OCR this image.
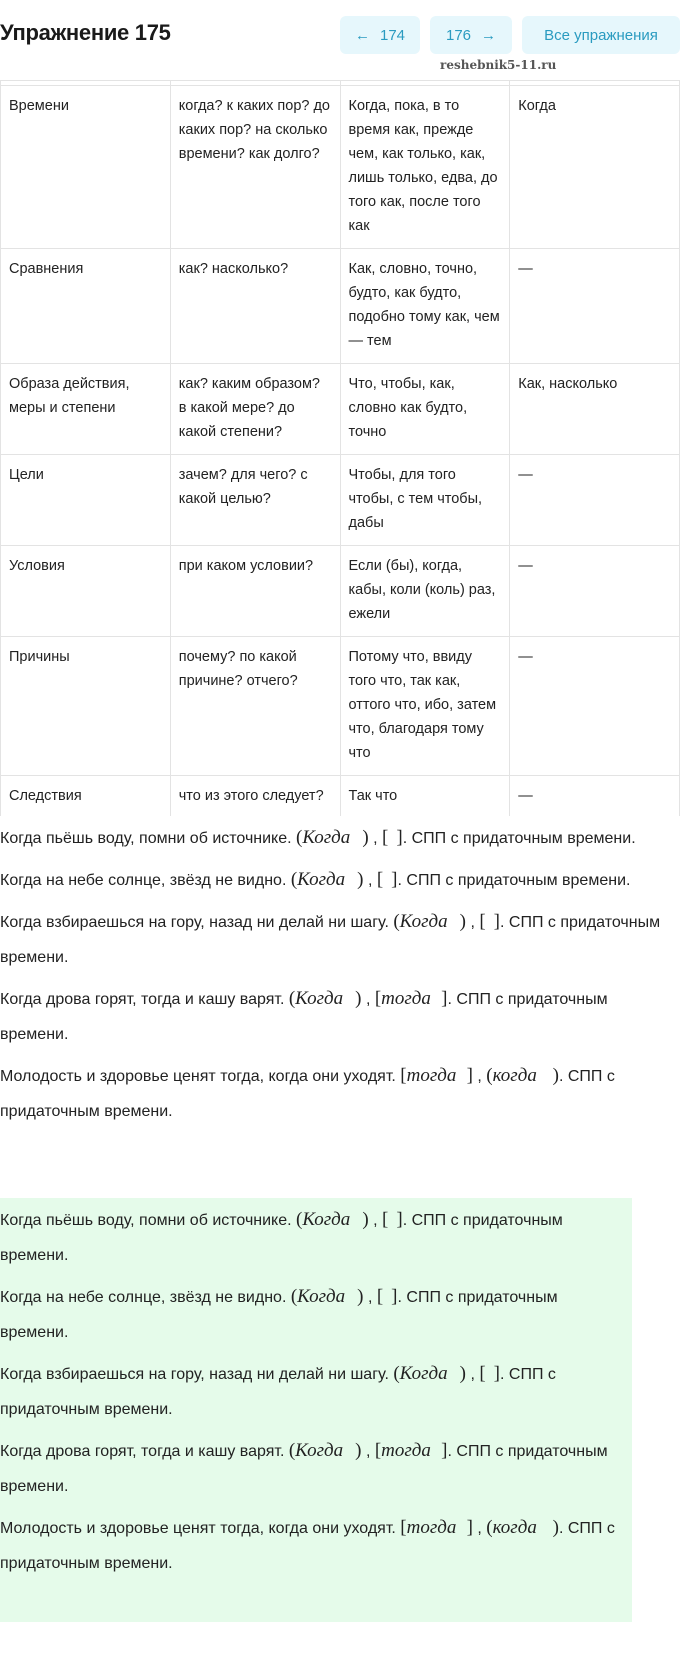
Упражнение 175	← 174	176 →	Все упражнения
reshebnik5-11.ru

Времени	когда? к каких пор? до каких пор? на сколько времени? как долго?	Когда, пока, в то время как, прежде чем, как только, как, лишь только, едва, до того как, после того как	Когда
Сравнения	как? насколько?	Как, словно, точно, будто, как будто, подобно тому как, чем — тем	—
Образа действия, меры и степени	как? каким образом? в какой мере? до какой степени?	Что, чтобы, как, словно как будто, точно	Как, насколько
Цели	зачем? для чего? с какой целью?	Чтобы, для того чтобы, с тем чтобы, дабы	—
Условия	при каком условии?	Если (бы), когда, кабы, коли (коль) раз, ежели	—
Причины	почему? по какой причине? отчего?	Потому что, ввиду того что, так как, оттого что, ибо, затем что, благодаря тому что	—
Следствия	что из этого следует?	Так что	—

Когда пьёшь воду, помни об источнике. (Когда ) , [ ]. СПП с придаточным времени.

Когда на небе солнце, звёзд не видно. (Когда ) , [ ]. СПП с придаточным времени.

Когда взбираешься на гору, назад ни делай ни шагу. (Когда ) , [ ]. СПП с придаточным времени.

Когда дрова горят, тогда и кашу варят. (Когда ) , [тогда ]. СПП с придаточным времени.

Молодость и здоровье ценят тогда, когда они уходят. [тогда ] , (когда ). СПП с придаточным времени.

Когда пьёшь воду, помни об источнике. (Когда ) , [ ]. СПП с придаточным времени.

Когда на небе солнце, звёзд не видно. (Когда ) , [ ]. СПП с придаточным времени.

Когда взбираешься на гору, назад ни делай ни шагу. (Когда ) , [ ]. СПП с придаточным времени.

Когда дрова горят, тогда и кашу варят. (Когда ) , [тогда ]. СПП с придаточным времени.

Молодость и здоровье ценят тогда, когда они уходят. [тогда ] , (когда ). СПП с придаточным времени.
